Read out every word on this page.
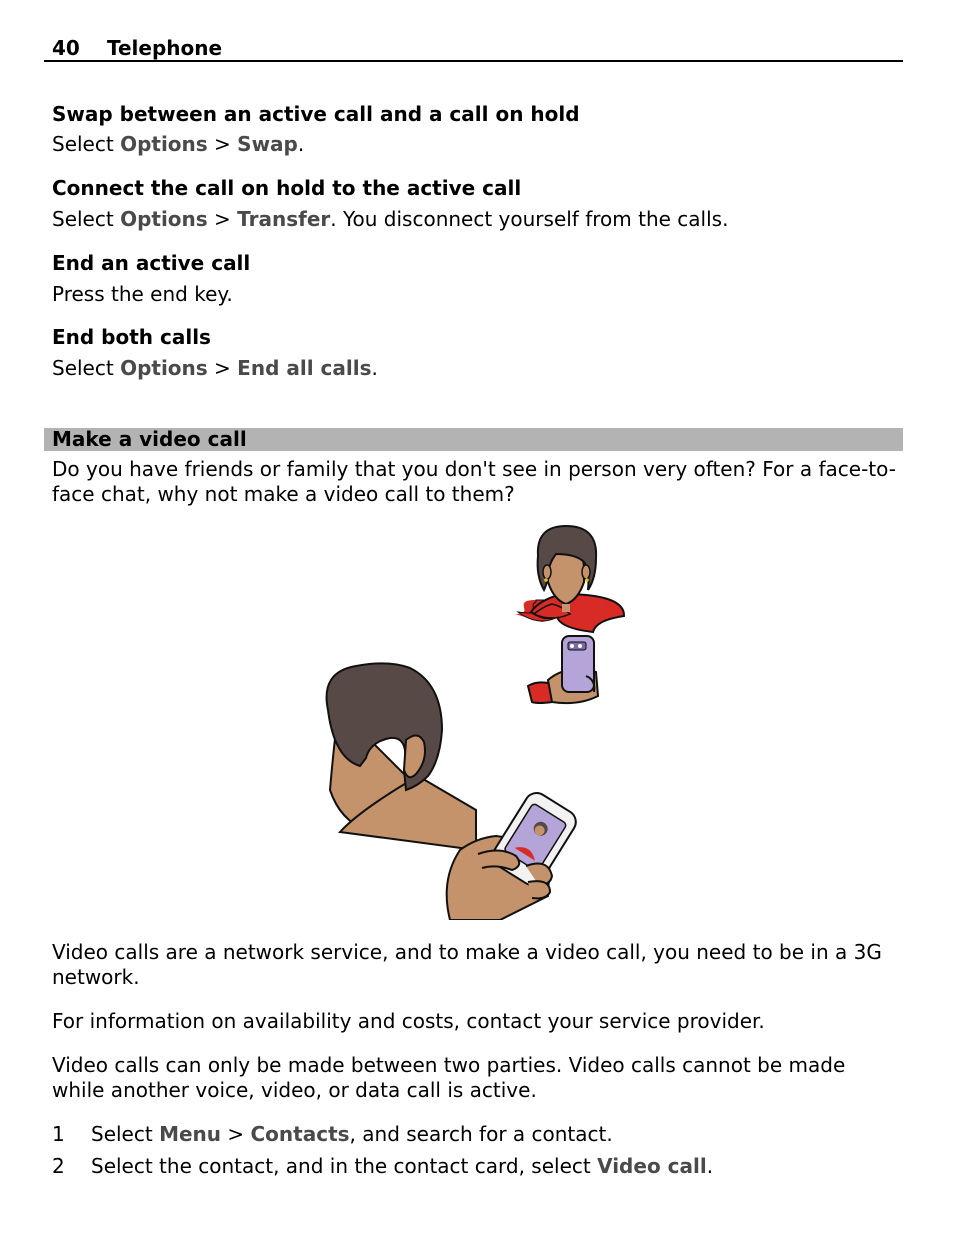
40 Telephone
Swap between an active call and a call on hold
Select Options > Swap.
Connect the call on hold to the active call
Select Options > Transfer. You disconnect yourself from the calls.
End an active call
Press the end key.
End both calls
Select Options > End all calls.
Make a video call
Do you have friends or family that you don't see in person very often? For a face-to-face chat, why not make a video call to them?
Video calls are a network service, and to make a video call, you need to be in a 3G network.
For information on availability and costs, contact your service provider.
Video calls can only be made between two parties. Video calls cannot be made while another voice, video, or data call is active.
1 Select Menu > Contacts, and search for a contact.
2 Select the contact, and in the contact card, select Video call.
